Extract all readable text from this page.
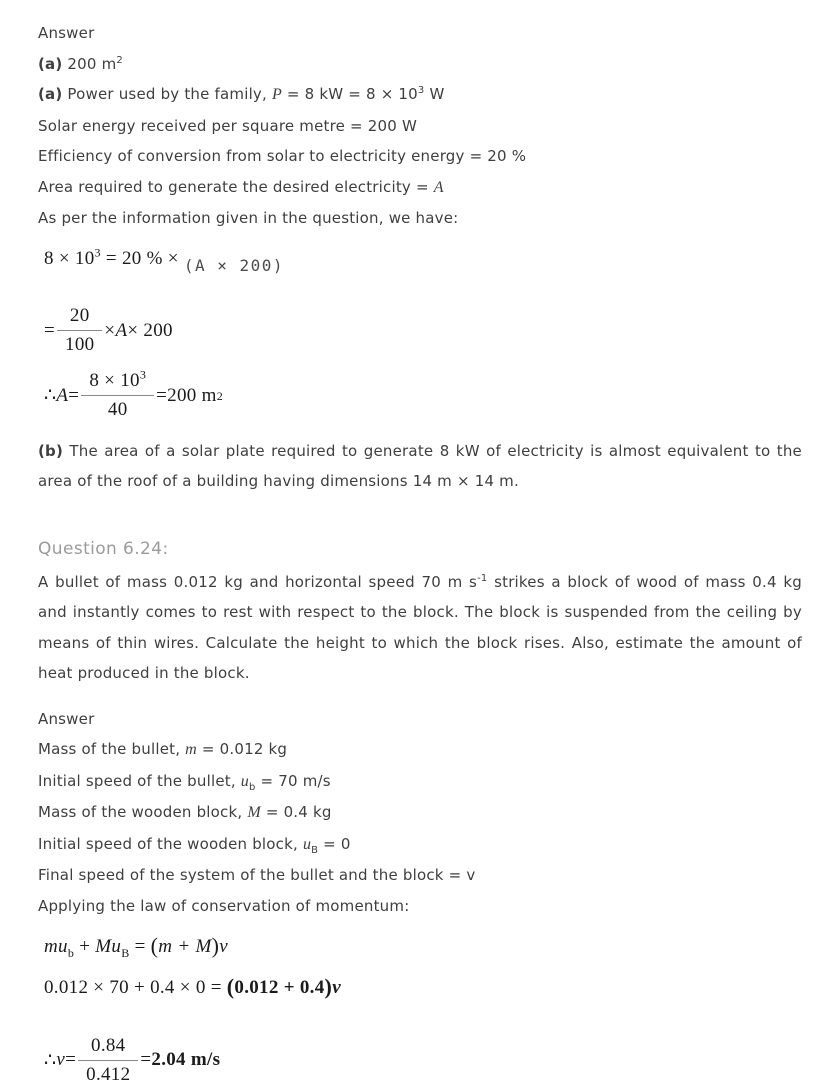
Answer

(a) 200 $m^2$

(a) Power used by the family, P = 8 kW = $8 \times 10^3$ W

Solar energy received per square metre = 200 W

Efficiency of conversion from solar to electricity energy = 20 %

Area required to generate the desired electricity = A

As per the information given in the question, we have:

$8 \times 10^3 = 20$ % × $_{(A \times 200)}$

= $\frac{20}{100} \times A \times 200$
∴ $A = \frac{8 \times 10^3}{40} = 200$ m 2

(b) The area of a solar plate required to generate 8 kW of electricity is almost equivalent to the area of the roof of a building having dimensions 14 m × 14 m.

Question 6.24:

A bullet of mass 0.012 kg and horizontal speed 70 m $s^{-1}$ strikes a block of wood of mass 0.4 kg and instantly comes to rest with respect to the block. The block is suspended from the ceiling by means of thin wires. Calculate the height to which the block rises. Also, estimate the amount of heat produced in the block.

Answer

Mass of the bullet, m = 0.012 kg

Initial speed of the bullet, $u_b = 70$ m/s

Mass of the wooden block, M = 0.4 kg

Initial speed of the wooden block, $u_B = 0$

Final speed of the system of the bullet and the block = v

Applying the law of conservation of momentum:

$mu_b + Mu_B = (m + M)v$

0.012 × 70 + 0.4 × 0 = (0.012 + 0.4)v

∴ $v = \frac{0.84}{0.412} = 2.04$ m/s
